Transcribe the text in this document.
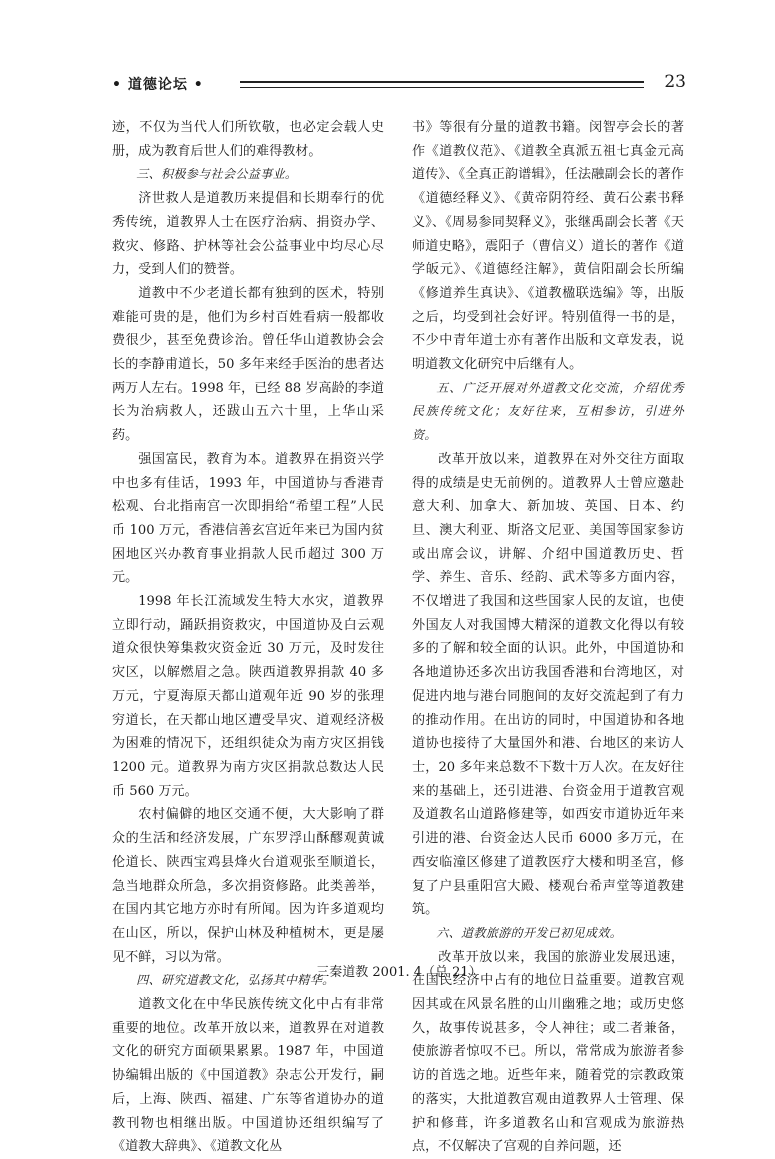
• 道德论坛 •	23

迹，不仅为当代人们所钦敬，也必定会载人史册，成为教育后世人们的难得教材。

三、积极参与社会公益事业。

济世救人是道教历来提倡和长期奉行的优秀传统，道教界人士在医疗治病、捐资办学、救灾、修路、护林等社会公益事业中均尽心尽力，受到人们的赞誉。

道教中不少老道长都有独到的医术，特别难能可贵的是，他们为乡村百姓看病一般都收费很少，甚至免费诊治。曾任华山道教协会会长的李静甫道长，50 多年来经手医治的患者达两万人左右。1998 年，已经 88 岁高龄的李道长为治病救人，还跋山五六十里，上华山采药。

强国富民，教育为本。道教界在捐资兴学中也多有佳话，1993 年，中国道协与香港青松观、台北指南宫一次即捐给“希望工程”人民币 100 万元，香港信善玄宫近年来已为国内贫困地区兴办教育事业捐款人民币超过 300 万元。

1998 年长江流域发生特大水灾，道教界立即行动，踊跃捐资救灾，中国道协及白云观道众很快筹集救灾资金近 30 万元，及时发往灾区，以解燃眉之急。陕西道教界捐款 40 多万元，宁夏海原天都山道观年近 90 岁的张理穷道长，在天都山地区遭受旱灾、道观经济极为困难的情况下，还组织徒众为南方灾区捐钱 1200 元。道教界为南方灾区捐款总数达人民币 560 万元。

农村偏僻的地区交通不便，大大影响了群众的生活和经济发展，广东罗浮山酥醪观黄诚伦道长、陕西宝鸡县烽火台道观张至顺道长，急当地群众所急，多次捐资修路。此类善举，在国内其它地方亦时有所闻。因为许多道观均在山区，所以，保护山林及种植树木，更是屡见不鲜，习以为常。

四、研究道教文化，弘扬其中精华。

道教文化在中华民族传统文化中占有非常重要的地位。改革开放以来，道教界在对道教文化的研究方面硕果累累。1987 年，中国道协编辑出版的《中国道教》杂志公开发行，嗣后，上海、陕西、福建、广东等省道协办的道教刊物也相继出版。中国道协还组织编写了《道教大辞典》、《道教文化丛

书》等很有分量的道教书籍。闵智亭会长的著作《道教仪范》、《道教全真派五祖七真金元高道传》、《全真正韵谱辑》，任法融副会长的著作《道德经释义》、《黄帝阴符经、黄石公素书释义》、《周易参同契释义》，张继禹副会长著《天师道史略》，震阳子（曹信义）道长的著作《道学皈元》、《道德经注解》，黄信阳副会长所编《修道养生真诀》、《道教楹联选编》等，出版之后，均受到社会好评。特别值得一书的是，不少中青年道士亦有著作出版和文章发表，说明道教文化研究中后继有人。

五、广泛开展对外道教文化交流，介绍优秀民族传统文化；友好往来，互相参访，引进外资。

改革开放以来，道教界在对外交往方面取得的成绩是史无前例的。道教界人士曾应邀赴意大利、加拿大、新加坡、英国、日本、约旦、澳大利亚、斯洛文尼亚、美国等国家参访或出席会议，讲解、介绍中国道教历史、哲学、养生、音乐、经韵、武术等多方面内容，不仅增进了我国和这些国家人民的友谊，也使外国友人对我国博大精深的道教文化得以有较多的了解和较全面的认识。此外，中国道协和各地道协还多次出访我国香港和台湾地区，对促进内地与港台同胞间的友好交流起到了有力的推动作用。在出访的同时，中国道协和各地道协也接待了大量国外和港、台地区的来访人士，20 多年来总数不下数十万人次。在友好往来的基础上，还引进港、台资金用于道教宫观及道教名山道路修建等，如西安市道协近年来引进的港、台资金达人民币 6000 多万元，在西安临潼区修建了道教医疗大楼和明圣宫，修复了户县重阳宫大殿、楼观台希声堂等道教建筑。

六、道教旅游的开发已初见成效。

改革开放以来，我国的旅游业发展迅速，在国民经济中占有的地位日益重要。道教宫观因其或在风景名胜的山川幽雅之地；或历史悠久，故事传说甚多，令人神往；或二者兼备，使旅游者惊叹不已。所以，常常成为旅游者参访的首选之地。近些年来，随着党的宗教政策的落实，大批道教宫观由道教界人士管理、保护和修葺，许多道教名山和宫观成为旅游热点，不仅解决了宫观的自养问题，还

三秦道教 2001. 4（总 21）
